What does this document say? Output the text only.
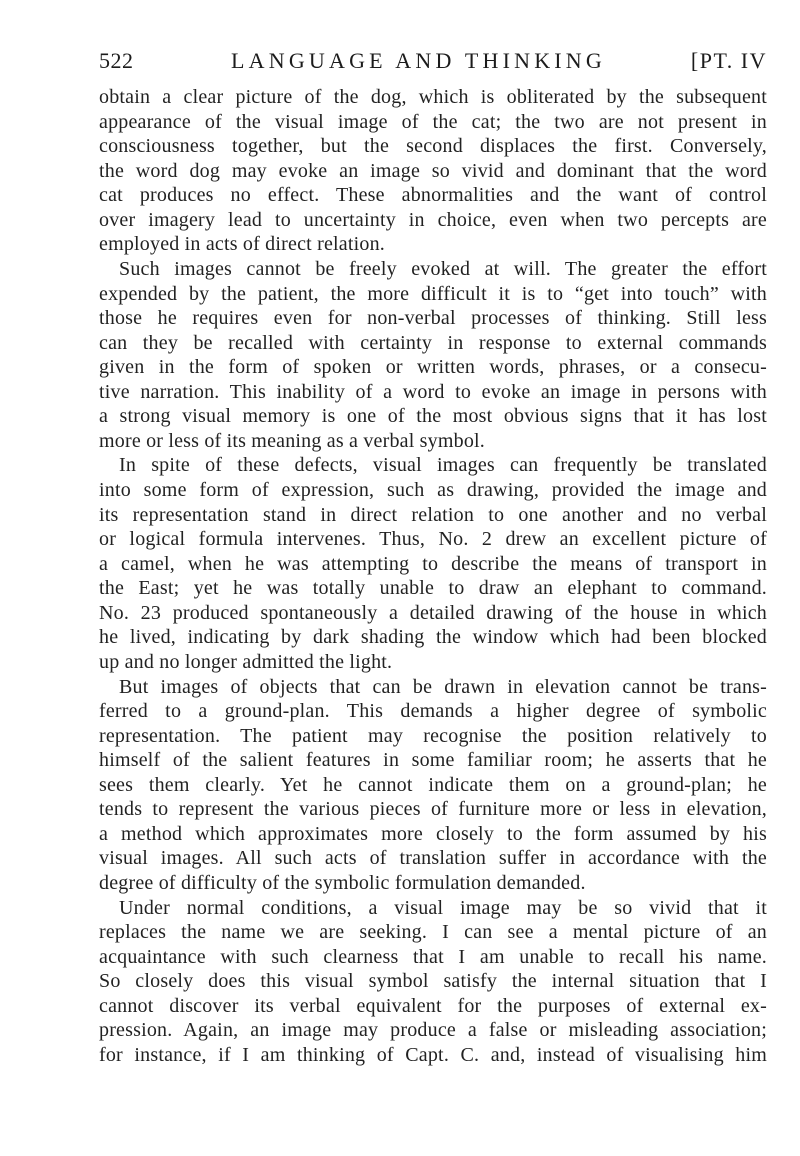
522	LANGUAGE AND THINKING	[PT. IV
obtain a clear picture of the dog, which is obliterated by the subsequent
appearance of the visual image of the cat; the two are not present in
consciousness together, but the second displaces the first. Conversely,
the word dog may evoke an image so vivid and dominant that the word
cat produces no effect. These abnormalities and the want of control
over imagery lead to uncertainty in choice, even when two percepts are
employed in acts of direct relation.
Such images cannot be freely evoked at will. The greater the effort
expended by the patient, the more difficult it is to “get into touch” with
those he requires even for non-verbal processes of thinking. Still less
can they be recalled with certainty in response to external commands
given in the form of spoken or written words, phrases, or a consecu-
tive narration. This inability of a word to evoke an image in persons with
a strong visual memory is one of the most obvious signs that it has lost
more or less of its meaning as a verbal symbol.
In spite of these defects, visual images can frequently be translated
into some form of expression, such as drawing, provided the image and
its representation stand in direct relation to one another and no verbal
or logical formula intervenes. Thus, No. 2 drew an excellent picture of
a camel, when he was attempting to describe the means of transport in
the East; yet he was totally unable to draw an elephant to command.
No. 23 produced spontaneously a detailed drawing of the house in which
he lived, indicating by dark shading the window which had been blocked
up and no longer admitted the light.
But images of objects that can be drawn in elevation cannot be trans-
ferred to a ground-plan. This demands a higher degree of symbolic
representation. The patient may recognise the position relatively to
himself of the salient features in some familiar room; he asserts that he
sees them clearly. Yet he cannot indicate them on a ground-plan; he
tends to represent the various pieces of furniture more or less in elevation,
a method which approximates more closely to the form assumed by his
visual images. All such acts of translation suffer in accordance with the
degree of difficulty of the symbolic formulation demanded.
Under normal conditions, a visual image may be so vivid that it
replaces the name we are seeking. I can see a mental picture of an
acquaintance with such clearness that I am unable to recall his name.
So closely does this visual symbol satisfy the internal situation that I
cannot discover its verbal equivalent for the purposes of external ex-
pression. Again, an image may produce a false or misleading association;
for instance, if I am thinking of Capt. C. and, instead of visualising him
